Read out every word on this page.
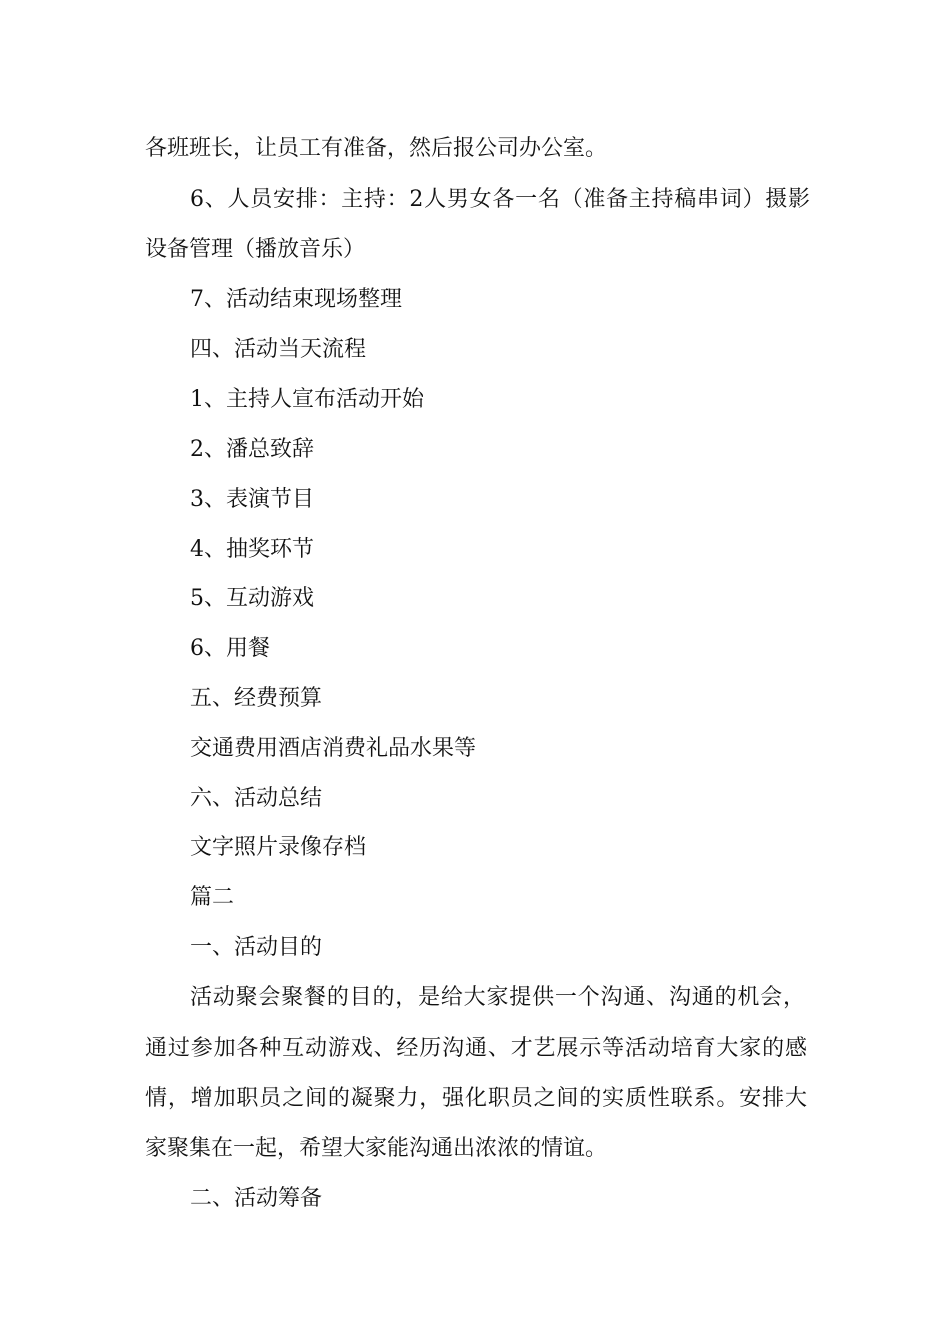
各班班长，让员工有准备，然后报公司办公室。
6、人员安排：主持：2人男女各一名（准备主持稿串词）摄影
设备管理（播放音乐）
7、活动结束现场整理
四、活动当天流程
1、主持人宣布活动开始
2、潘总致辞
3、表演节目
4、抽奖环节
5、互动游戏
6、用餐
五、经费预算
交通费用酒店消费礼品水果等
六、活动总结
文字照片录像存档
篇二
一、活动目的
活动聚会聚餐的目的，是给大家提供一个沟通、沟通的机会，
通过参加各种互动游戏、经历沟通、才艺展示等活动培育大家的感
情，增加职员之间的凝聚力，强化职员之间的实质性联系。安排大
家聚集在一起，希望大家能沟通出浓浓的情谊。
二、活动筹备
